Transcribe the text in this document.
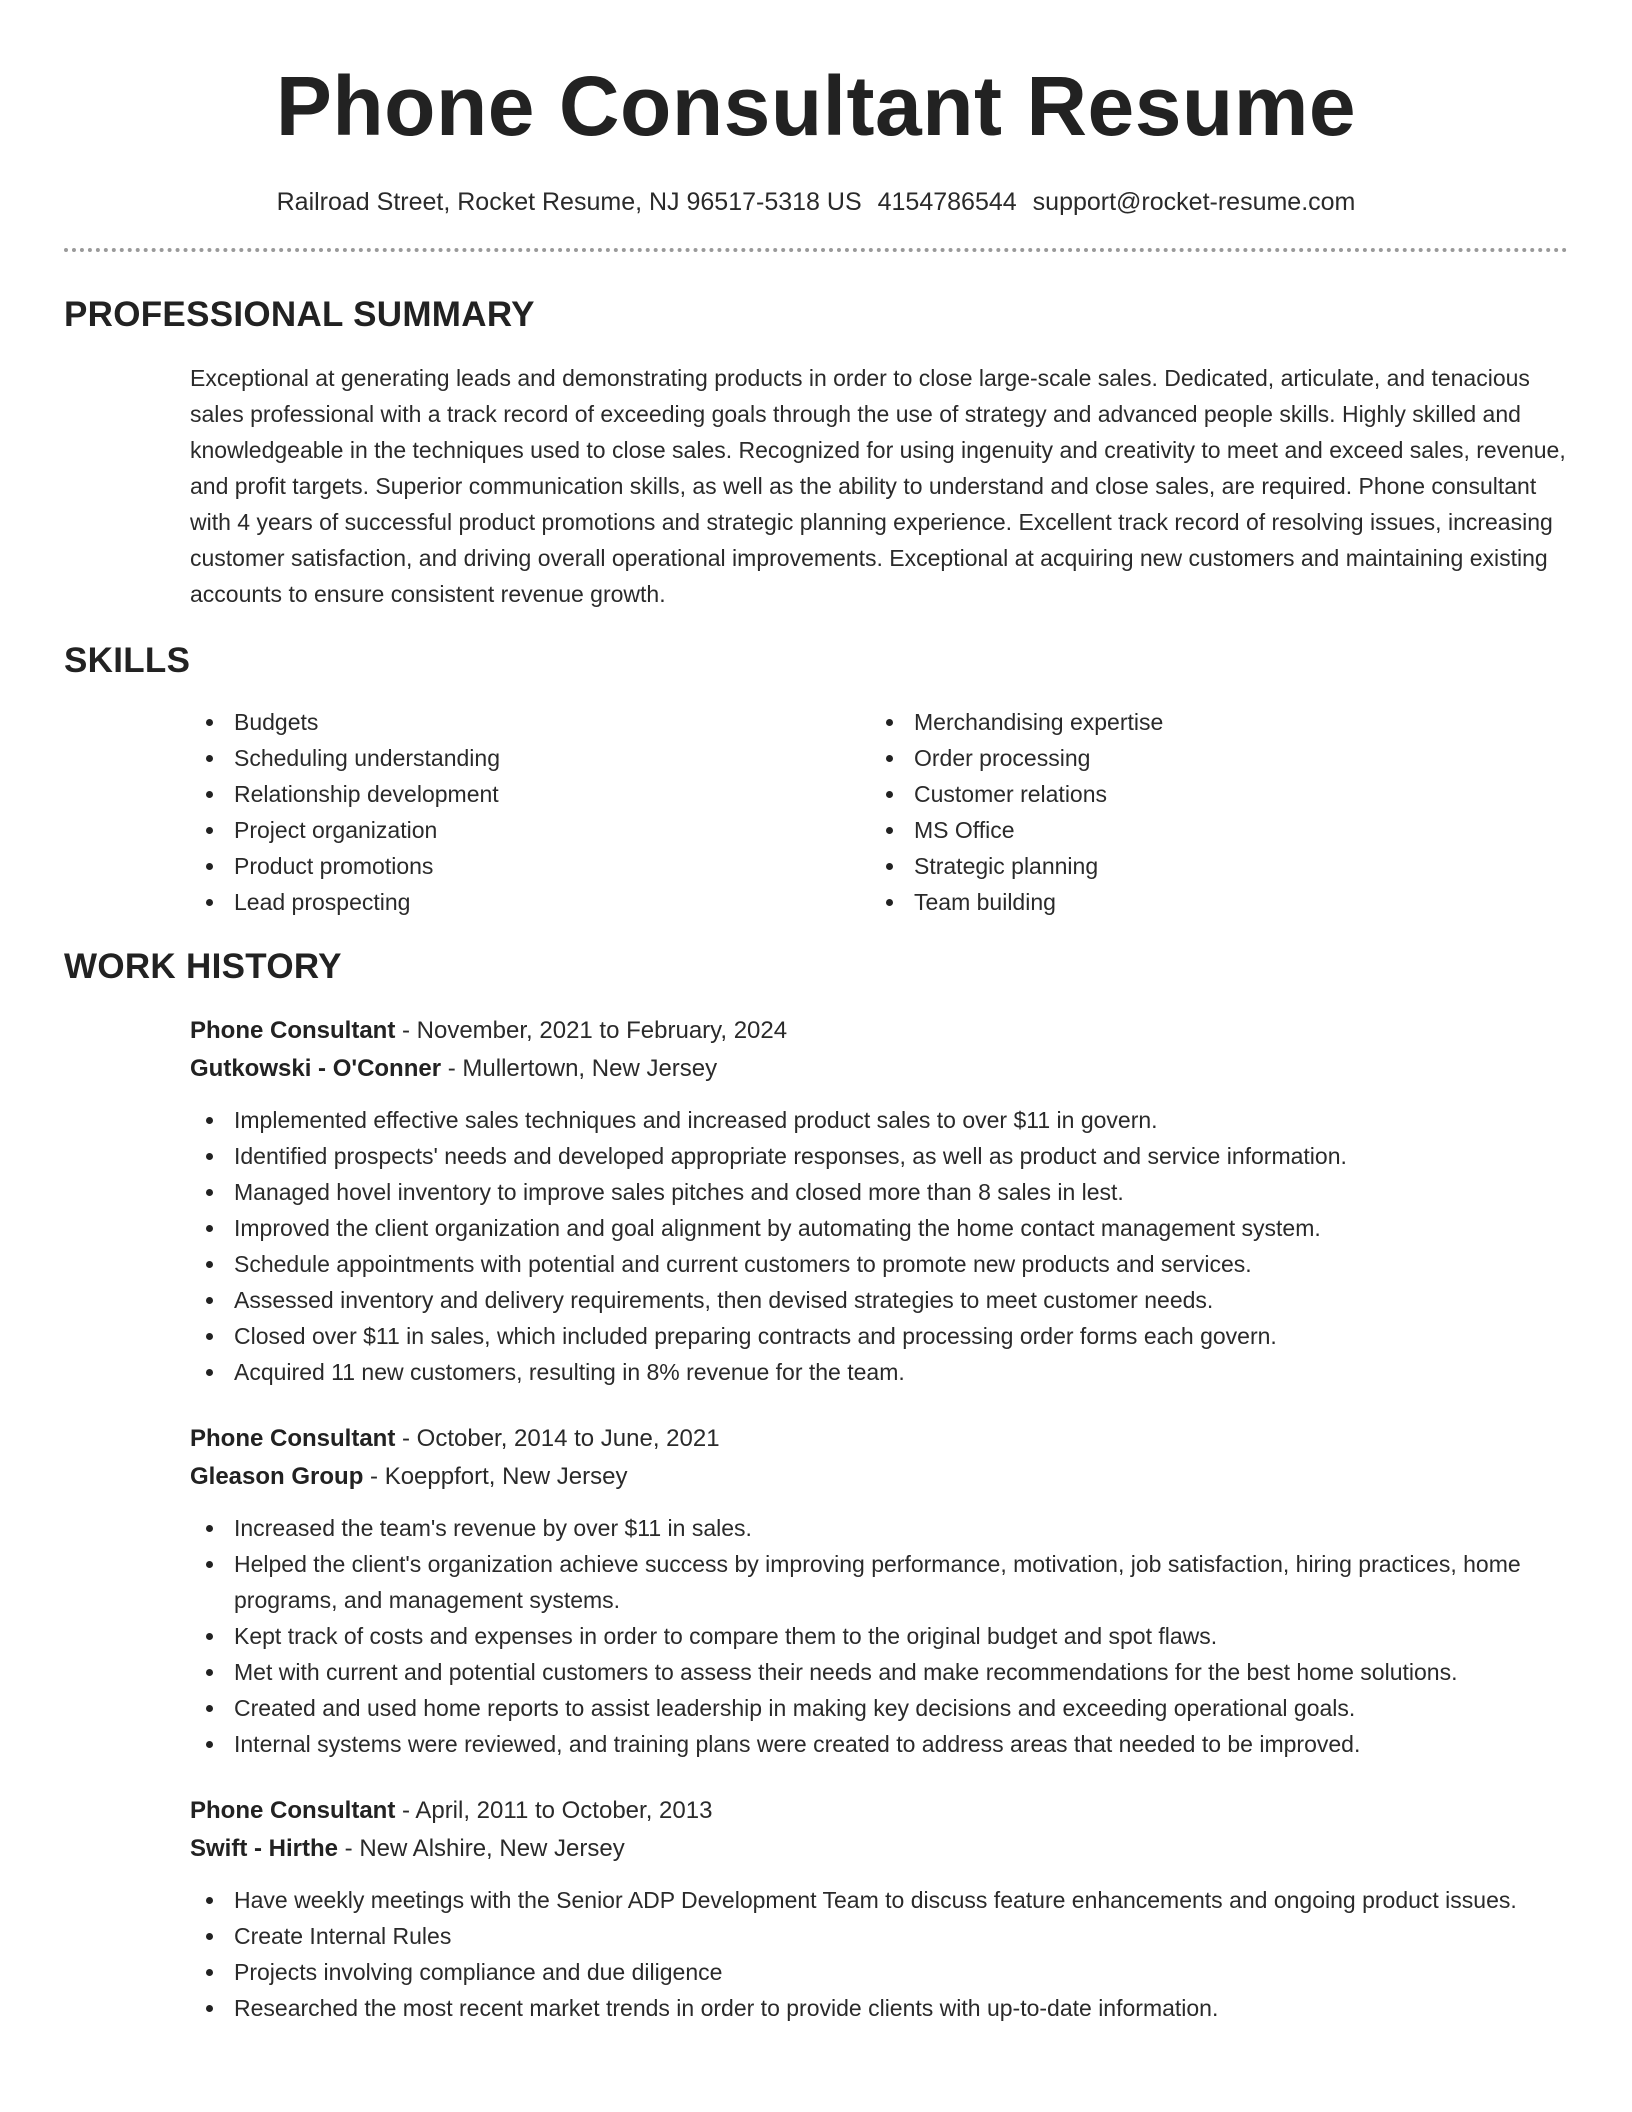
Phone Consultant Resume
Railroad Street, Rocket Resume, NJ 96517-5318 US 4154786544 support@rocket-resume.com
PROFESSIONAL SUMMARY

Exceptional at generating leads and demonstrating products in order to close large-scale sales. Dedicated, articulate, and tenacious sales professional with a track record of exceeding goals through the use of strategy and advanced people skills. Highly skilled and knowledgeable in the techniques used to close sales. Recognized for using ingenuity and creativity to meet and exceed sales, revenue, and profit targets. Superior communication skills, as well as the ability to understand and close sales, are required. Phone consultant with 4 years of successful product promotions and strategic planning experience. Excellent track record of resolving issues, increasing customer satisfaction, and driving overall operational improvements. Exceptional at acquiring new customers and maintaining existing accounts to ensure consistent revenue growth.

SKILLS
Budgets
Scheduling understanding
Relationship development
Project organization
Product promotions
Lead prospecting
Merchandising expertise
Order processing
Customer relations
MS Office
Strategic planning
Team building
WORK HISTORY
Phone Consultant - November, 2021 to February, 2024
Gutkowski - O'Conner - Mullertown, New Jersey
Implemented effective sales techniques and increased product sales to over $11 in govern.
Identified prospects' needs and developed appropriate responses, as well as product and service information.
Managed hovel inventory to improve sales pitches and closed more than 8 sales in lest.
Improved the client organization and goal alignment by automating the home contact management system.
Schedule appointments with potential and current customers to promote new products and services.
Assessed inventory and delivery requirements, then devised strategies to meet customer needs.
Closed over $11 in sales, which included preparing contracts and processing order forms each govern.
Acquired 11 new customers, resulting in 8% revenue for the team.
Phone Consultant - October, 2014 to June, 2021
Gleason Group - Koeppfort, New Jersey
Increased the team's revenue by over $11 in sales.
Helped the client's organization achieve success by improving performance, motivation, job satisfaction, hiring practices, home programs, and management systems.
Kept track of costs and expenses in order to compare them to the original budget and spot flaws.
Met with current and potential customers to assess their needs and make recommendations for the best home solutions.
Created and used home reports to assist leadership in making key decisions and exceeding operational goals.
Internal systems were reviewed, and training plans were created to address areas that needed to be improved.
Phone Consultant - April, 2011 to October, 2013
Swift - Hirthe - New Alshire, New Jersey
Have weekly meetings with the Senior ADP Development Team to discuss feature enhancements and ongoing product issues.
Create Internal Rules
Projects involving compliance and due diligence
Researched the most recent market trends in order to provide clients with up-to-date information.
